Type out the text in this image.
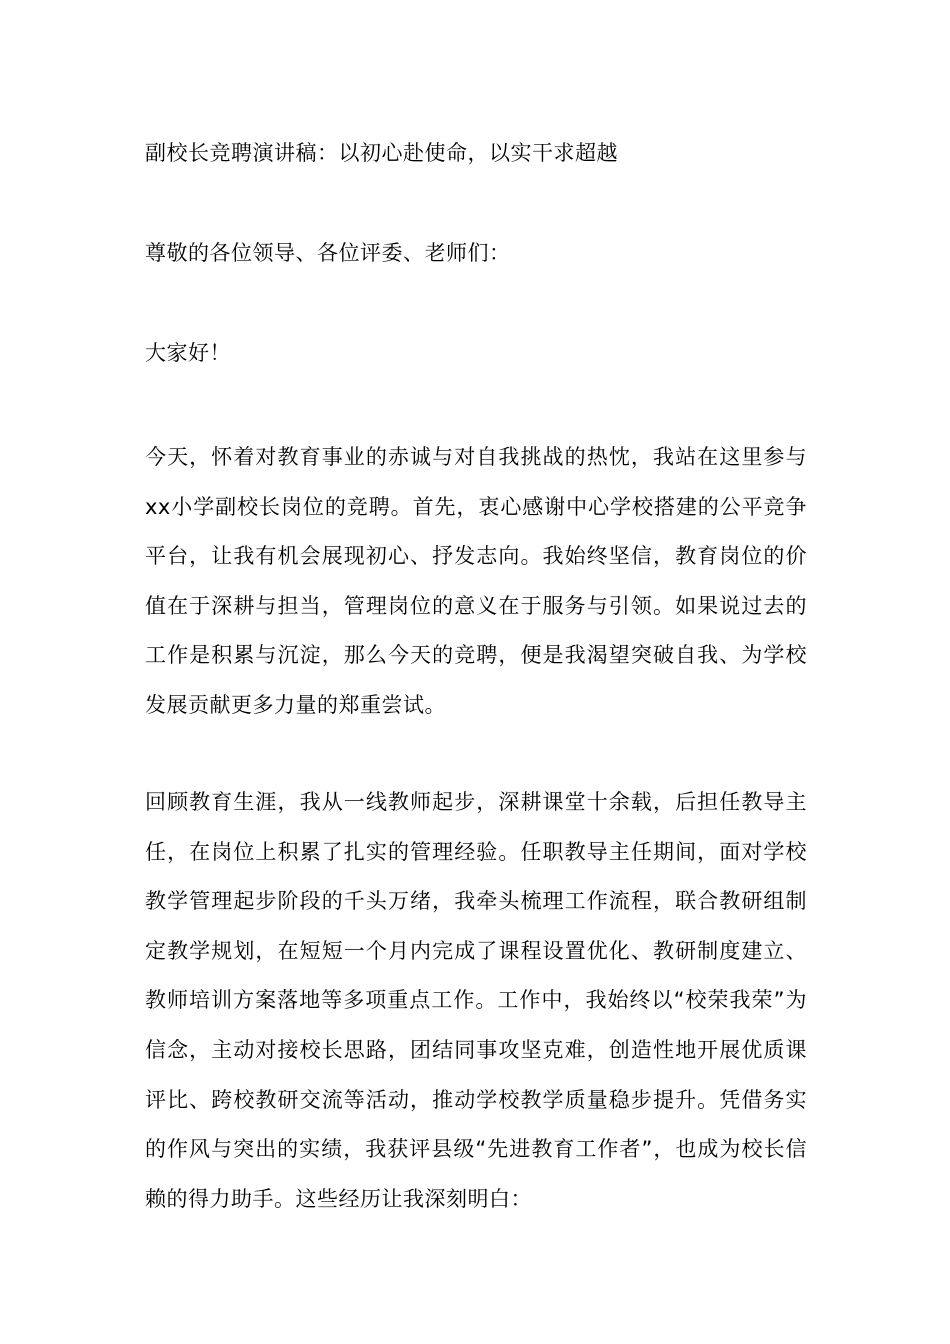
副校长竞聘演讲稿：以初心赴使命，以实干求超越

尊敬的各位领导、各位评委、老师们：

大家好！

今天，怀着对教育事业的赤诚与对自我挑战的热忱，我站在这里参与xx小学副校长岗位的竞聘。首先，衷心感谢中心学校搭建的公平竞争平台，让我有机会展现初心、抒发志向。我始终坚信，教育岗位的价值在于深耕与担当，管理岗位的意义在于服务与引领。如果说过去的工作是积累与沉淀，那么今天的竞聘，便是我渴望突破自我、为学校发展贡献更多力量的郑重尝试。

回顾教育生涯，我从一线教师起步，深耕课堂十余载，后担任教导主任，在岗位上积累了扎实的管理经验。任职教导主任期间，面对学校教学管理起步阶段的千头万绪，我牵头梳理工作流程，联合教研组制定教学规划，在短短一个月内完成了课程设置优化、教研制度建立、教师培训方案落地等多项重点工作。工作中，我始终以“校荣我荣”为信念，主动对接校长思路，团结同事攻坚克难，创造性地开展优质课评比、跨校教研交流等活动，推动学校教学质量稳步提升。凭借务实的作风与突出的实绩，我获评县级“先进教育工作者”，也成为校长信赖的得力助手。这些经历让我深刻明白：
